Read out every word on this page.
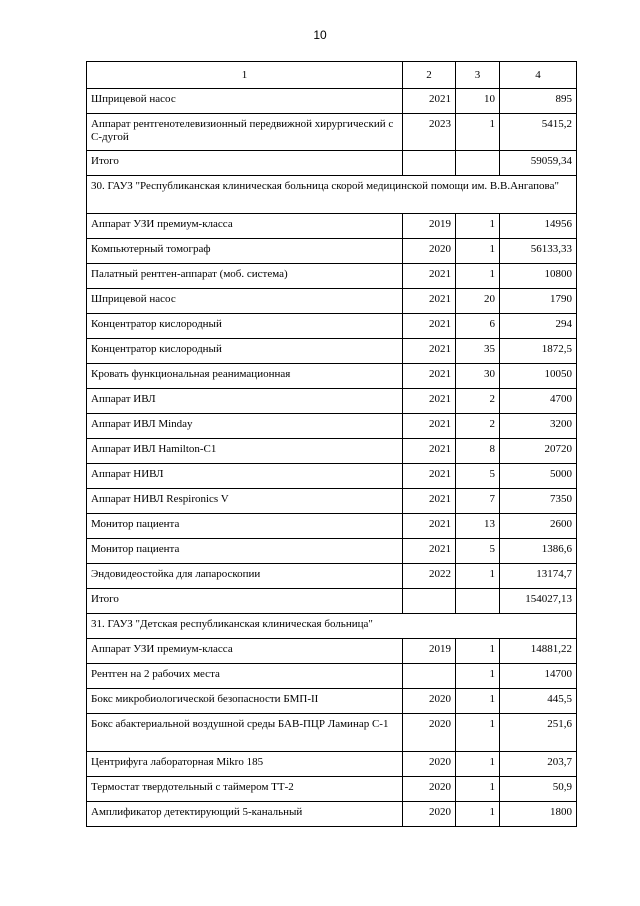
10
1	2	3	4
Шприцевой насос	2021	10	895
Аппарат рентгенотелевизионный передвижной хирургический с С-дугой	2023	1	5415,2
Итого			59059,34
30. ГАУЗ "Республиканская клиническая больница скорой медицинской помощи им. В.В.Ангапова"			
Аппарат УЗИ премиум-класса	2019	1	14956
Компьютерный томограф	2020	1	56133,33
Палатный рентген-аппарат (моб. система)	2021	1	10800
Шприцевой насос	2021	20	1790
Концентратор кислородный	2021	6	294
Концентратор кислородный	2021	35	1872,5
Кровать функциональная реанимационная	2021	30	10050
Аппарат ИВЛ	2021	2	4700
Аппарат ИВЛ Minday	2021	2	3200
Аппарат ИВЛ Hamilton-C1	2021	8	20720
Аппарат НИВЛ	2021	5	5000
Аппарат НИВЛ Respironics V	2021	7	7350
Монитор пациента	2021	13	2600
Монитор пациента	2021	5	1386,6
Эндовидеостойка для лапароскопии	2022	1	13174,7
Итого			154027,13
31. ГАУЗ "Детская республиканская клиническая больница"			
Аппарат УЗИ премиум-класса	2019	1	14881,22
Рентген на 2 рабочих места		1	14700
Бокс микробиологической безопасности БМП-II	2020	1	445,5
Бокс абактериальной воздушной среды БАВ-ПЦР Ламинар С-1	2020	1	251,6
Центрифуга лабораторная Mikro 185	2020	1	203,7
Термостат твердотельный с таймером ТТ-2	2020	1	50,9
Амплификатор детектирующий 5-канальный	2020	1	1800
